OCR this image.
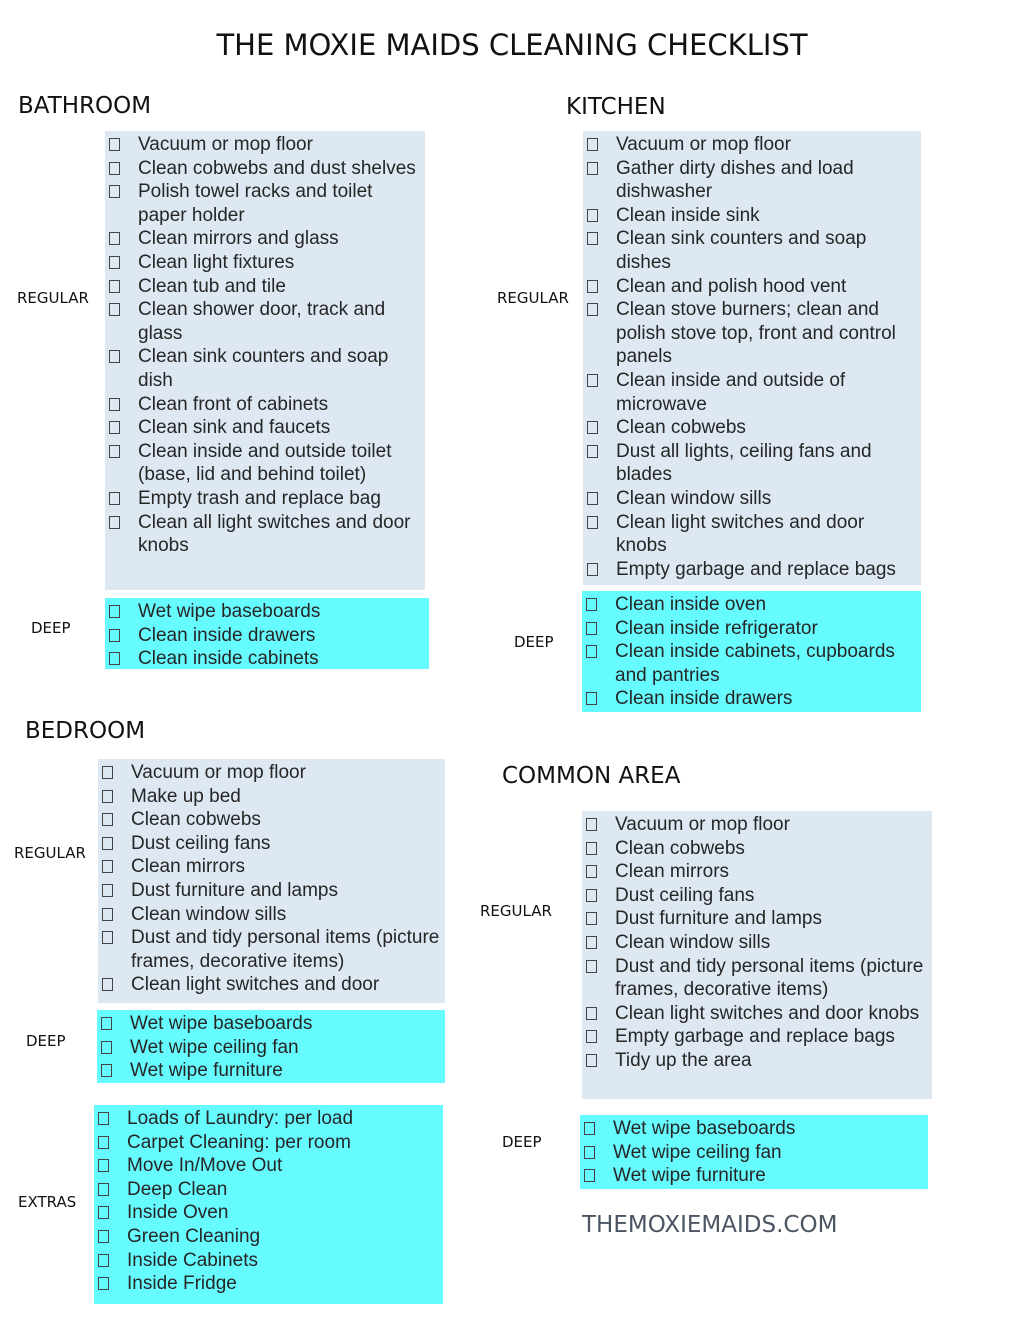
THE MOXIE MAIDS CLEANING CHECKLIST
BATHROOM
REGULAR
Vacuum or mop floor
Clean cobwebs and dust shelves
Polish towel racks and toilet paper holder
Clean mirrors and glass
Clean light fixtures
Clean tub and tile
Clean shower door, track and glass
Clean sink counters and soap dish
Clean front of cabinets
Clean sink and faucets
Clean inside and outside toilet (base, lid and behind toilet)
Empty trash and replace bag
Clean all light switches and door knobs
DEEP
Wet wipe baseboards
Clean inside drawers
Clean inside cabinets
KITCHEN
REGULAR
Vacuum or mop floor
Gather dirty dishes and load dishwasher
Clean inside sink
Clean sink counters and soap dishes
Clean and polish hood vent
Clean stove burners; clean and polish stove top, front and control panels
Clean inside and outside of microwave
Clean cobwebs
Dust all lights, ceiling fans and blades
Clean window sills
Clean light switches and door knobs
Empty garbage and replace bags
DEEP
Clean inside oven
Clean inside refrigerator
Clean inside cabinets, cupboards and pantries
Clean inside drawers
BEDROOM
REGULAR
Vacuum or mop floor
Make up bed
Clean cobwebs
Dust ceiling fans
Clean mirrors
Dust furniture and lamps
Clean window sills
Dust and tidy personal items (picture frames, decorative items)
Clean light switches and door
DEEP
Wet wipe baseboards
Wet wipe ceiling fan
Wet wipe furniture
EXTRAS
Loads of Laundry: per load
Carpet Cleaning: per room
Move In/Move Out
Deep Clean
Inside Oven
Green Cleaning
Inside Cabinets
Inside Fridge
COMMON AREA
REGULAR
Vacuum or mop floor
Clean cobwebs
Clean mirrors
Dust ceiling fans
Dust furniture and lamps
Clean window sills
Dust and tidy personal items (picture frames, decorative items)
Clean light switches and door knobs
Empty garbage and replace bags
Tidy up the area
DEEP
Wet wipe baseboards
Wet wipe ceiling fan
Wet wipe furniture
THEMOXIEMAIDS.COM
